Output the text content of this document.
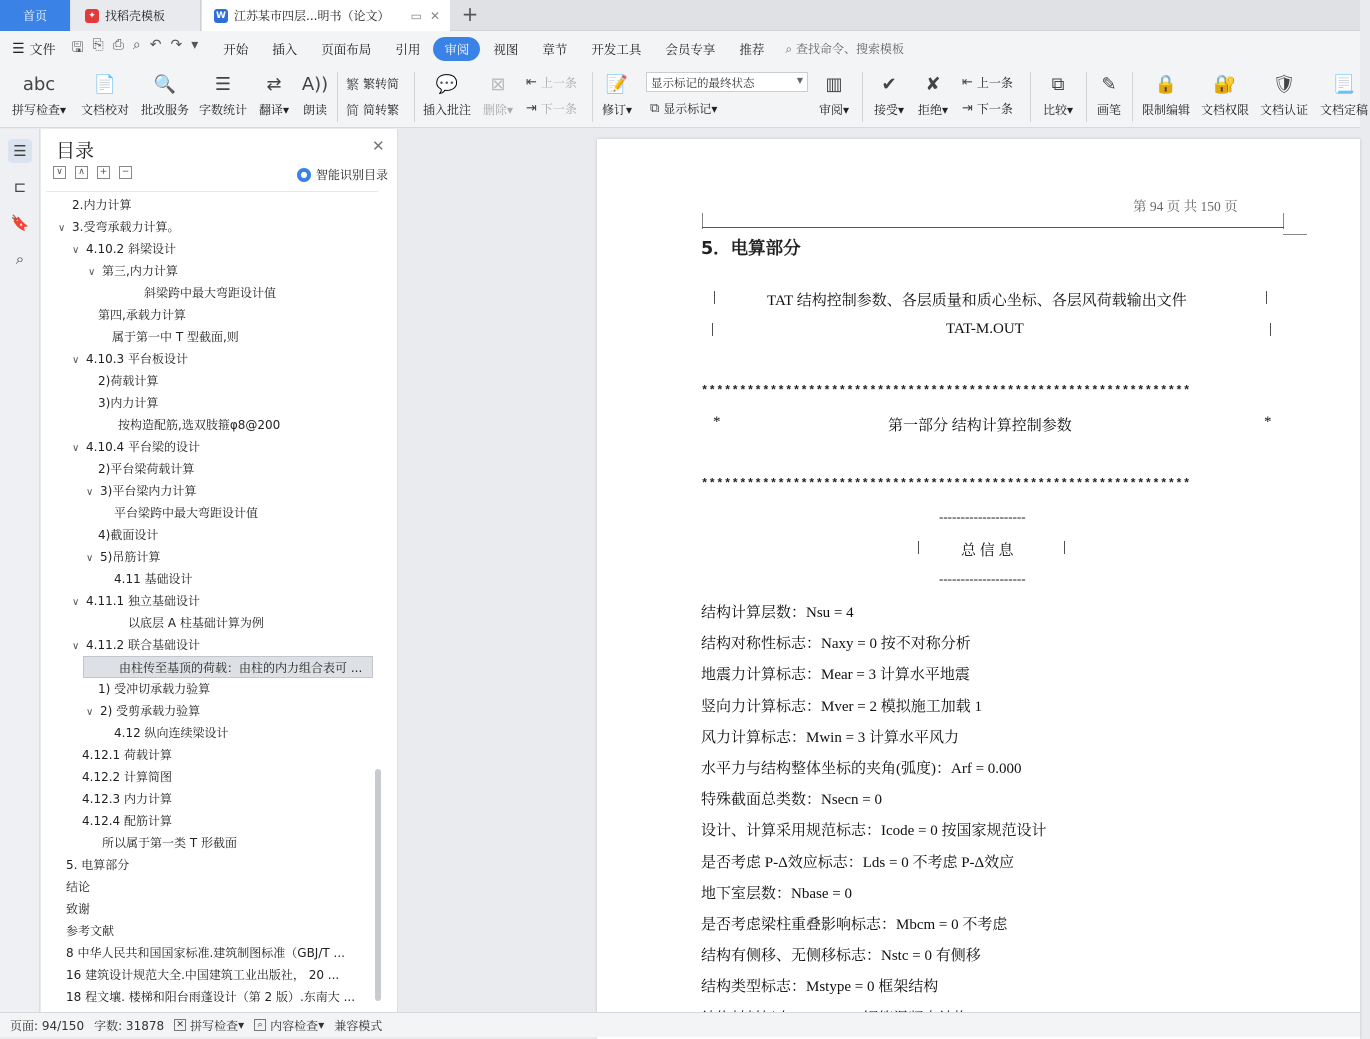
首页	✦ 找稻壳模板	W 江苏某市四层...明书（论文） ▭ ✕ +
☰ 文件 🖫 ⎘ ⎙ ⌕ ↶ ↷ ▾	开始	插入	页面布局	引用	审阅	视图	章节	开发工具	会员专享	推荐	⌕ 查找命令、搜索模板
abc
拼写检查▾
📄
文档校对
🔍
批改服务
☰
字数统计
⇄
翻译▾
A))
朗读
繁 繁转简
简 简转繁
💬
插入批注
⊠
删除▾
⇤ 上一条
⇥ 下一条
📝
修订▾
显示标记的最终状态	▼
⧉ 显示标记 ▾
▥
审阅▾
✔
接受▾
✘
拒绝▾
⇤ 上一条
⇥ 下一条
⧉
比较▾
✎
画笔
🔒
限制编辑
🔐
文档权限
🛡
文档认证
📃
文档定稿
☰
⊏
🔖
⌕
目录	✕
∨	∧	+	−	● 智能识别目录
2.内力计算
∨ 3.受弯承载力计算。
∨ 4.10.2 斜梁设计
∨ 第三,内力计算
斜梁跨中最大弯距设计值
第四,承载力计算
属于第一中 T 型截面,则
∨ 4.10.3 平台板设计
2)荷载计算
3)内力计算
按构造配筋,选双肢箍φ8@200
∨ 4.10.4 平台梁的设计
2)平台梁荷载计算
∨ 3)平台梁内力计算
平台梁跨中最大弯距设计值
4)截面设计
∨ 5)吊筋计算
4.11 基础设计
∨ 4.11.1 独立基础设计
以底层 A 柱基础计算为例
∨ 4.11.2 联合基础设计
由柱传至基顶的荷载：由柱的内力组合表可 ...
1) 受冲切承载力验算
∨ 2) 受剪承载力验算
4.12 纵向连续梁设计
4.12.1 荷载计算
4.12.2 计算简图
4.12.3 内力计算
4.12.4 配筋计算
所以属于第一类 T 形截面
5. 电算部分
结论
致谢
参考文献
8 中华人民共和国国家标准.建筑制图标准（GBJ/T ...
16 建筑设计规范大全.中国建筑工业出版社， 20 ...
18 程文壤. 楼梯和阳台雨蓬设计（第 2 版）.东南大 ...
第 94 页 共 150 页
5．电算部分
|	TAT 结构控制参数、各层质量和质心坐标、各层风荷载输出文件	|
|	TAT-M.OUT	|
****************************************************************
*	第一部分 结构计算控制参数	*
****************************************************************
--------------------
|	总 信 息	|
--------------------
结构计算层数：Nsu = 4
结构对称性标志：Naxy = 0 按不对称分析
地震力计算标志：Mear = 3 计算水平地震
竖向力计算标志：Mver = 2 模拟施工加载 1
风力计算标志：Mwin = 3 计算水平风力
水平力与结构整体坐标的夹角(弧度)：Arf = 0.000
特殊截面总类数：Nsecn = 0
设计、计算采用规范标志：Icode = 0 按国家规范设计
是否考虑 P-Δ效应标志：Lds = 0 不考虑 P-Δ效应
地下室层数：Nbase = 0
是否考虑梁柱重叠影响标志：Mbcm = 0 不考虑
结构有侧移、无侧移标志：Nstc = 0 有侧移
结构类型标志：Mstype = 0 框架结构
页面: 94/150 字数: 31878 ✕ 拼写检查 ▾	⌕ 内容检查 ▾ 兼容模式
